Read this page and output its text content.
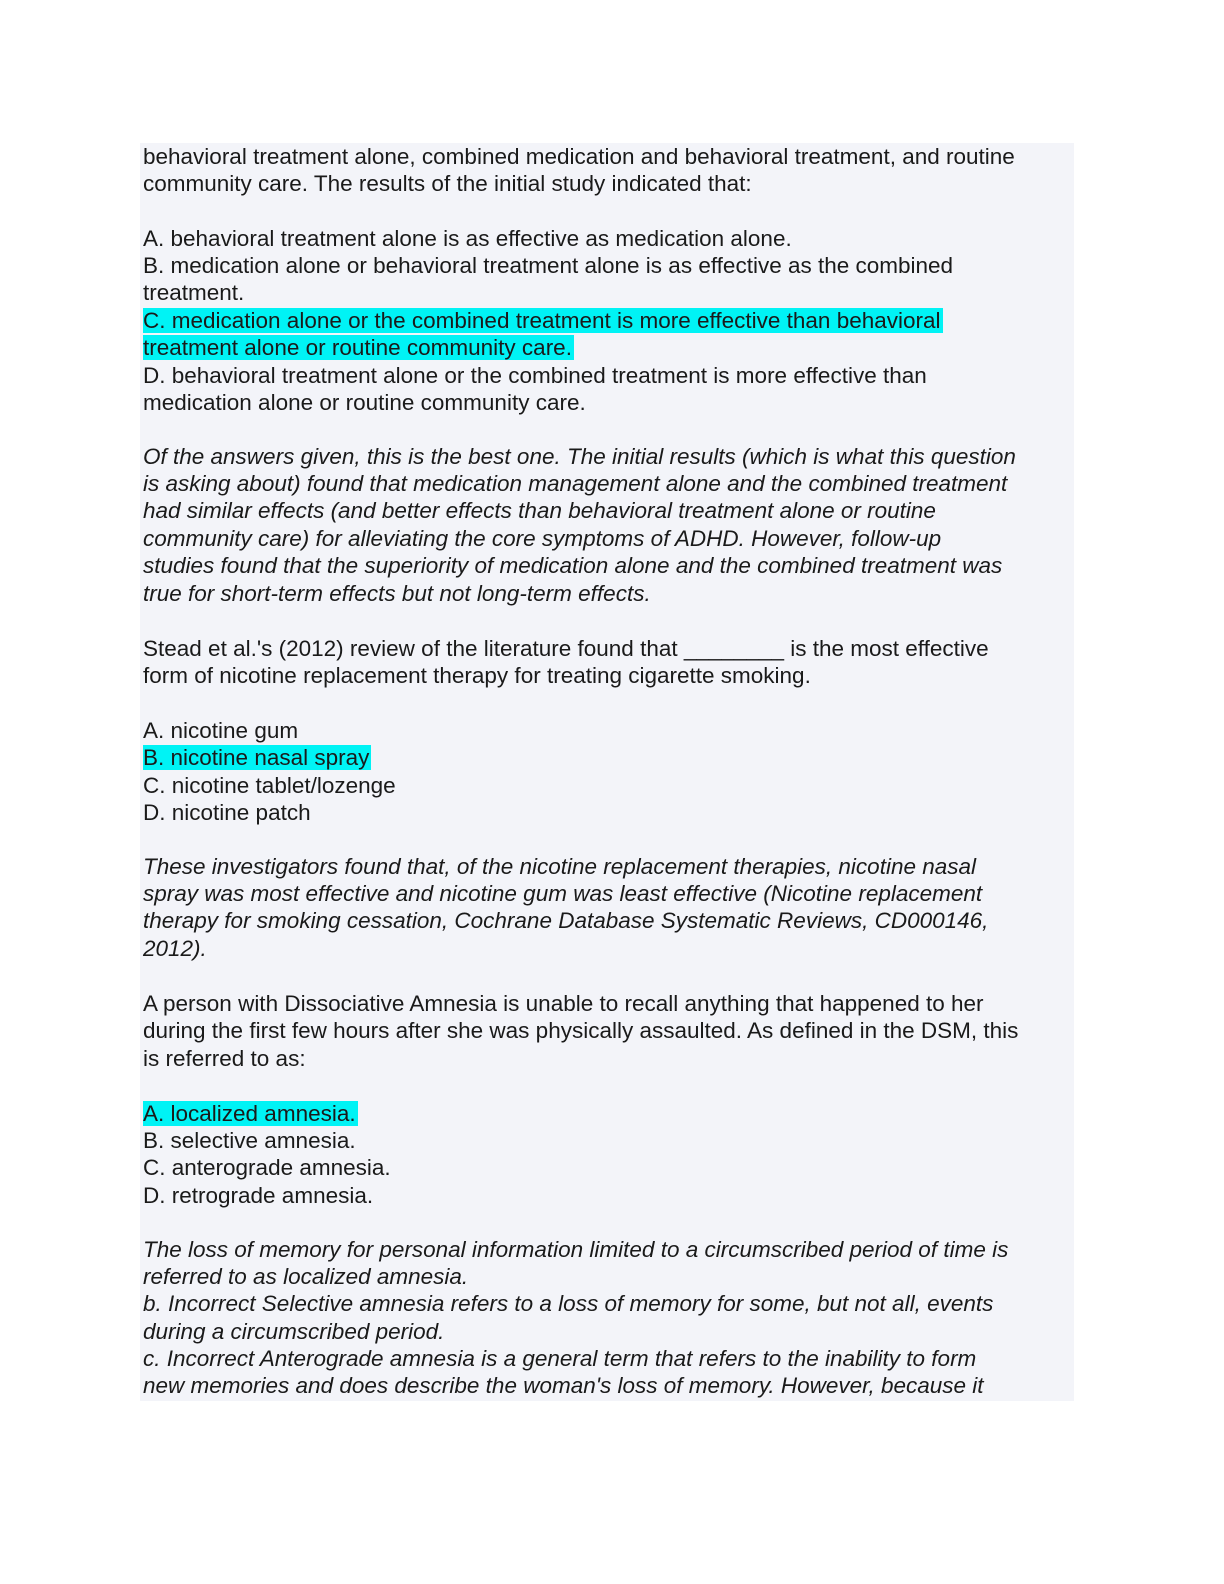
behavioral treatment alone, combined medication and behavioral treatment, and routine
community care. The results of the initial study indicated that:
A. behavioral treatment alone is as effective as medication alone.
B. medication alone or behavioral treatment alone is as effective as the combined
treatment.
C. medication alone or the combined treatment is more effective than behavioral
treatment alone or routine community care.
D. behavioral treatment alone or the combined treatment is more effective than
medication alone or routine community care.
Of the answers given, this is the best one. The initial results (which is what this question
is asking about) found that medication management alone and the combined treatment
had similar effects (and better effects than behavioral treatment alone or routine
community care) for alleviating the core symptoms of ADHD. However, follow-up
studies found that the superiority of medication alone and the combined treatment was
true for short-term effects but not long-term effects.
Stead et al.'s (2012) review of the literature found that ________ is the most effective
form of nicotine replacement therapy for treating cigarette smoking.
A. nicotine gum
B. nicotine nasal spray
C. nicotine tablet/lozenge
D. nicotine patch
These investigators found that, of the nicotine replacement therapies, nicotine nasal
spray was most effective and nicotine gum was least effective (Nicotine replacement
therapy for smoking cessation, Cochrane Database Systematic Reviews, CD000146,
2012).
A person with Dissociative Amnesia is unable to recall anything that happened to her
during the first few hours after she was physically assaulted. As defined in the DSM, this
is referred to as:
A. localized amnesia.
B. selective amnesia.
C. anterograde amnesia.
D. retrograde amnesia.
The loss of memory for personal information limited to a circumscribed period of time is
referred to as localized amnesia.
b. Incorrect Selective amnesia refers to a loss of memory for some, but not all, events
during a circumscribed period.
c. Incorrect Anterograde amnesia is a general term that refers to the inability to form
new memories and does describe the woman's loss of memory. However, because it
